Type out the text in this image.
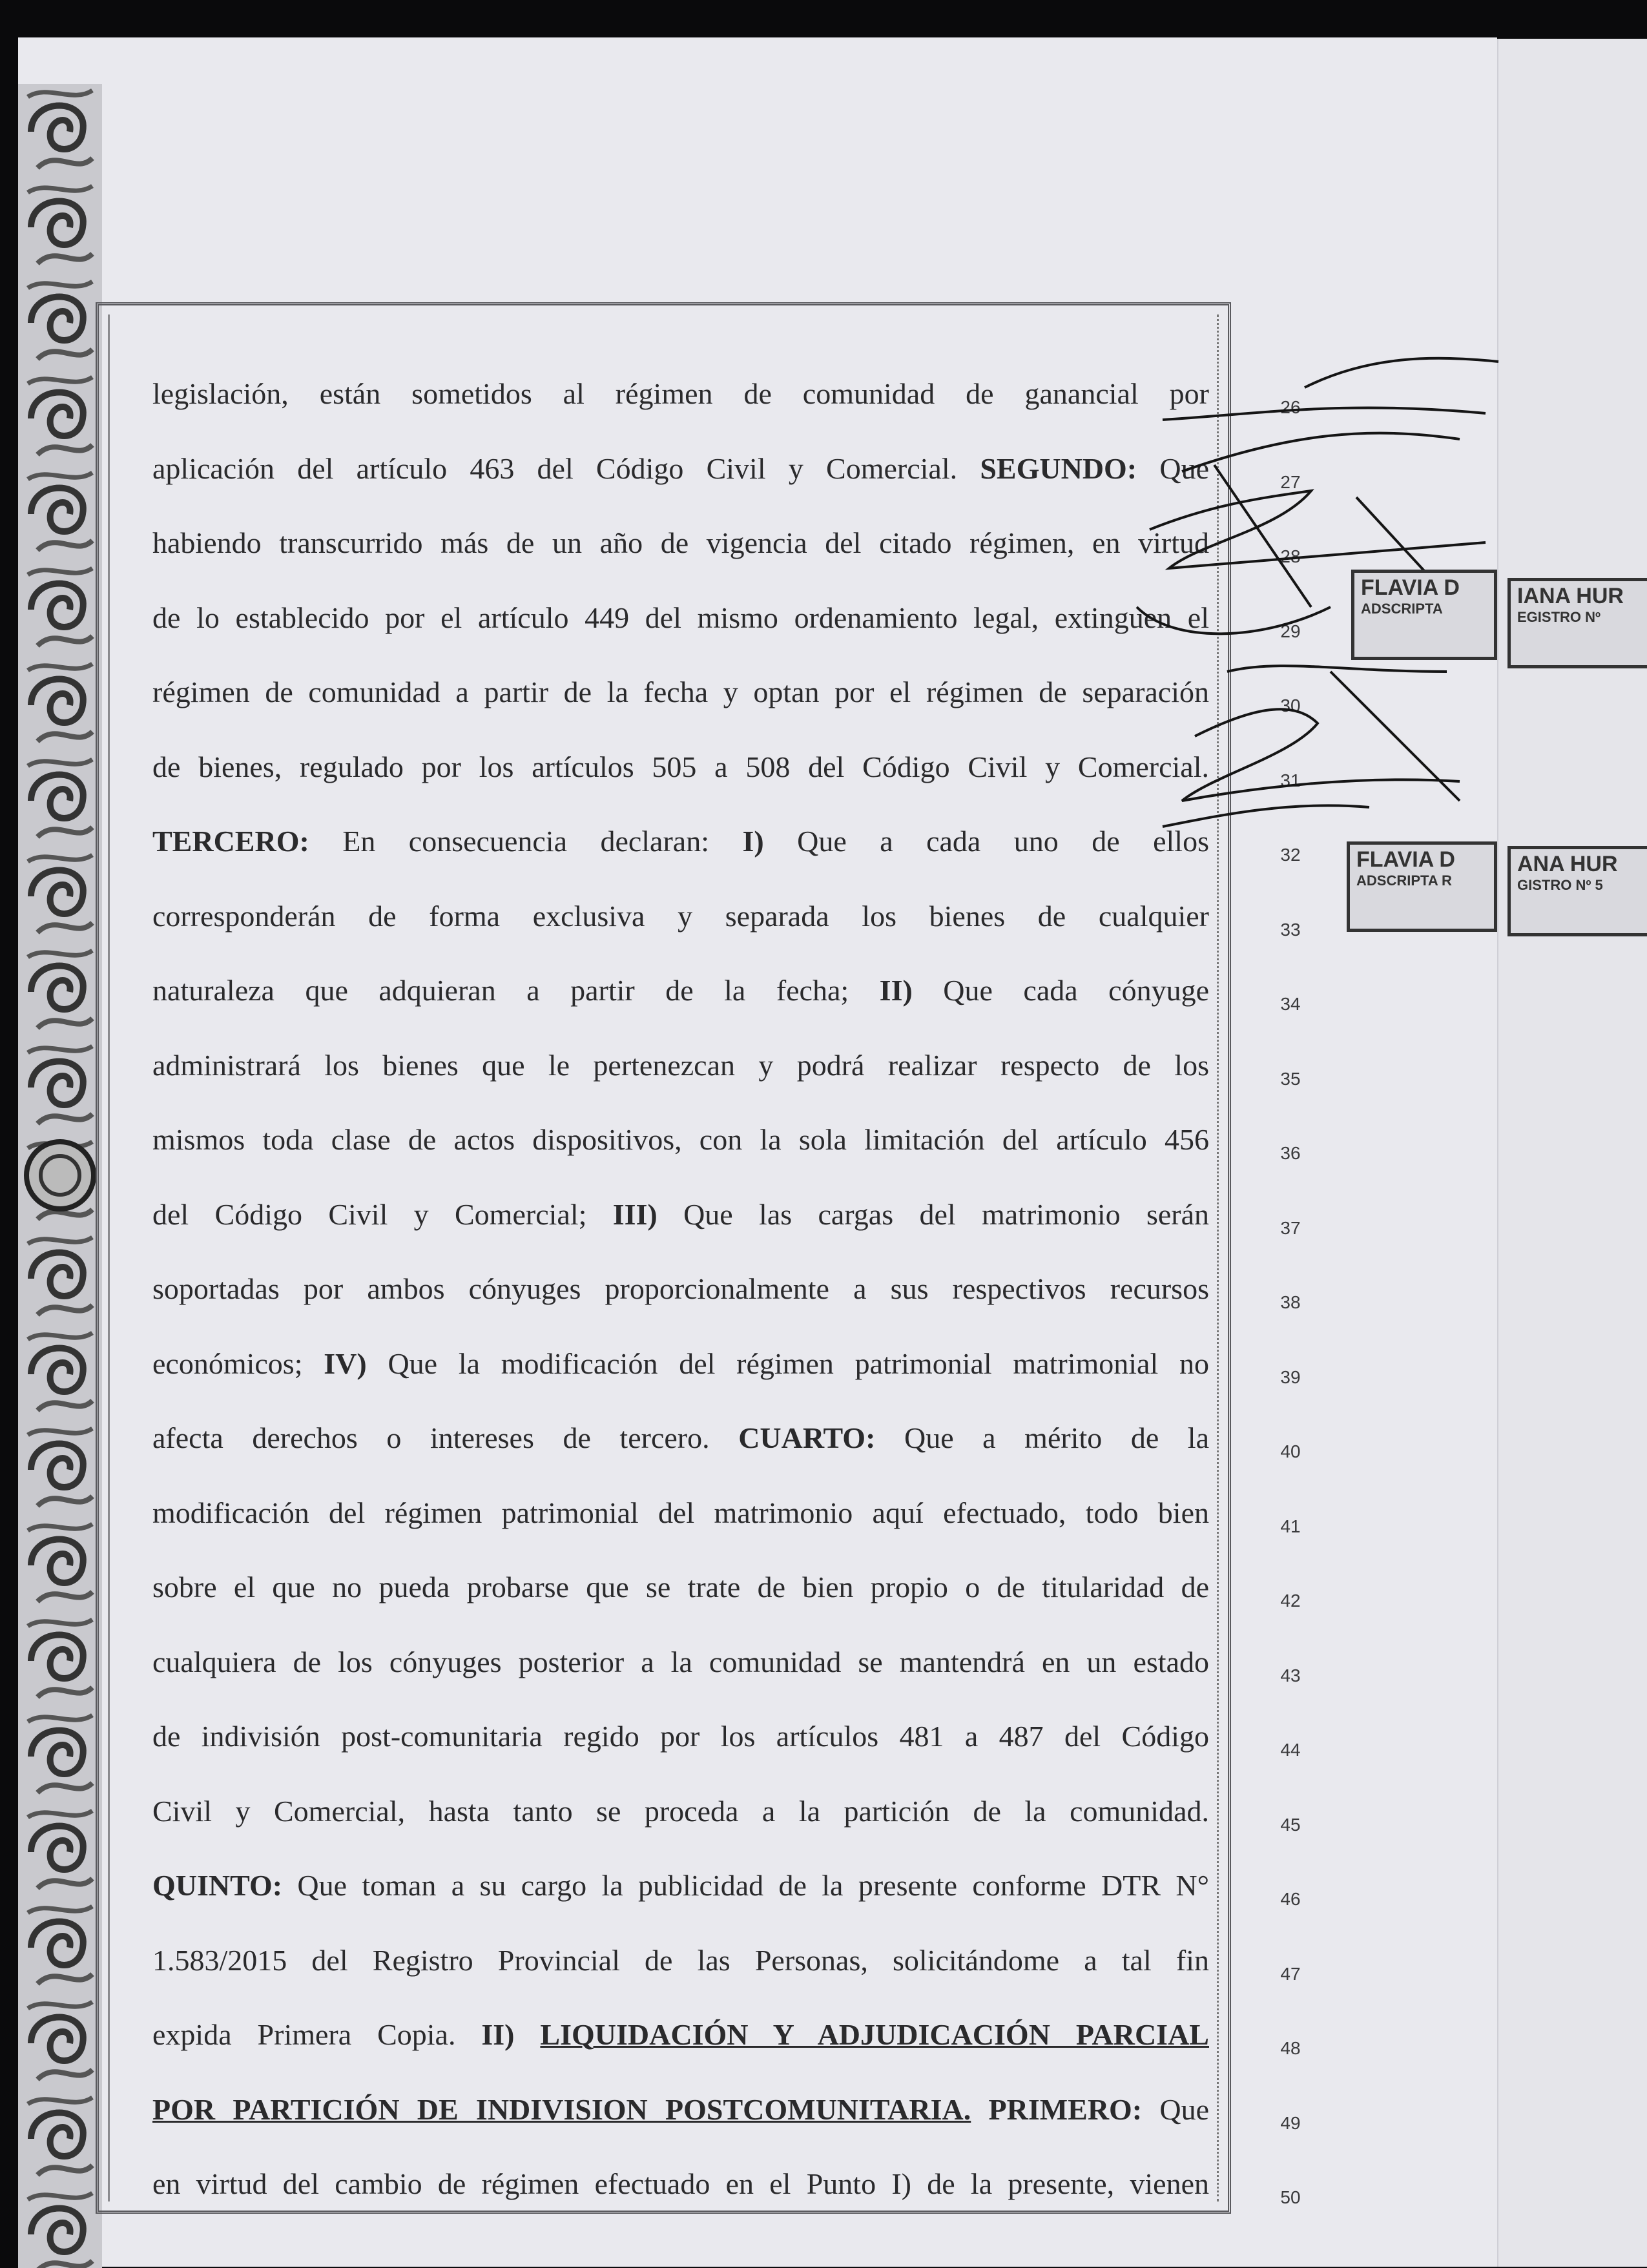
legislación, están sometidos al régimen de comunidad de ganancial por
aplicación del artículo 463 del Código Civil y Comercial. SEGUNDO: Que
habiendo transcurrido más de un año de vigencia del citado régimen, en virtud
de lo establecido por el artículo 449 del mismo ordenamiento legal, extinguen el
régimen de comunidad a partir de la fecha y optan por el régimen de separación
de bienes, regulado por los artículos 505 a 508 del Código Civil y Comercial.
TERCERO: En consecuencia declaran: I) Que a cada uno de ellos
corresponderán de forma exclusiva y separada los bienes de cualquier
naturaleza que adquieran a partir de la fecha; II) Que cada cónyuge
administrará los bienes que le pertenezcan y podrá realizar respecto de los
mismos toda clase de actos dispositivos, con la sola limitación del artículo 456
del Código Civil y Comercial; III) Que las cargas del matrimonio serán
soportadas por ambos cónyuges proporcionalmente a sus respectivos recursos
económicos; IV) Que la modificación del régimen patrimonial matrimonial no
afecta derechos o intereses de tercero. CUARTO: Que a mérito de la
modificación del régimen patrimonial del matrimonio aquí efectuado, todo bien
sobre el que no pueda probarse que se trate de bien propio o de titularidad de
cualquiera de los cónyuges posterior a la comunidad se mantendrá en un estado
de indivisión post-comunitaria regido por los artículos 481 a 487 del Código
Civil y Comercial, hasta tanto se proceda a la partición de la comunidad.
QUINTO: Que toman a su cargo la publicidad de la presente conforme DTR N°
1.583/2015 del Registro Provincial de las Personas, solicitándome a tal fin
expida Primera Copia. II) LIQUIDACIÓN Y ADJUDICACIÓN PARCIAL
POR PARTICIÓN DE INDIVISION POSTCOMUNITARIA. PRIMERO: Que
en virtud del cambio de régimen efectuado en el Punto I) de la presente, vienen
26
27
28
29
30
31
32
33
34
35
36
37
38
39
40
41
42
43
44
45
46
47
48
49
50
FLAVIA D
ADSCRIPTA
IANA HUR
EGISTRO Nº
FLAVIA D
ADSCRIPTA R
ANA HUR
GISTRO Nº 5
